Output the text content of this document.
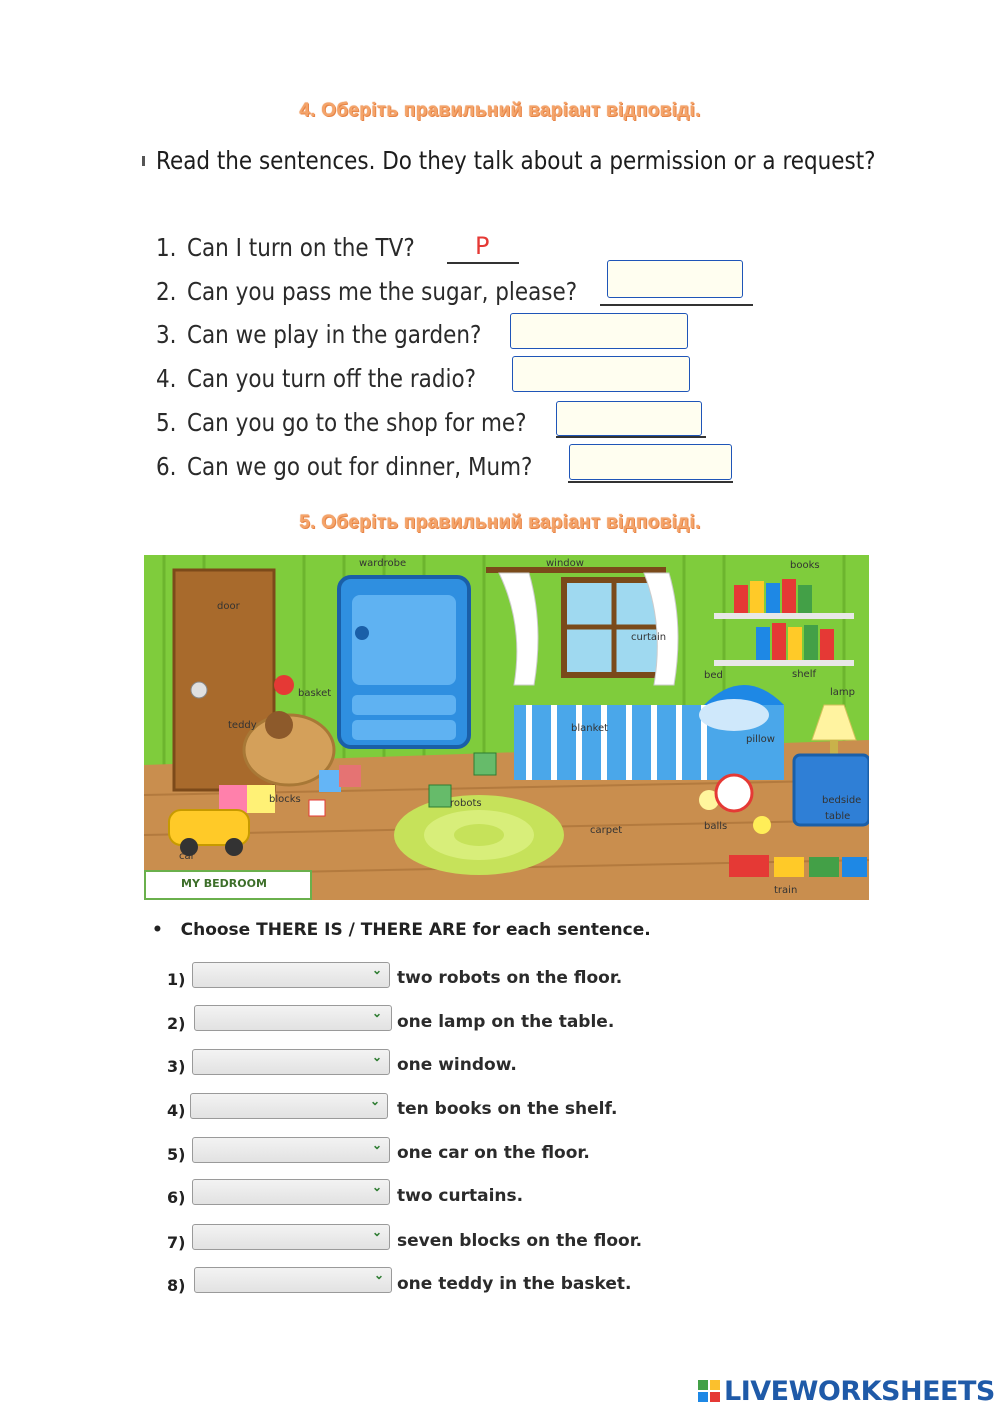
4. Оберіть правильний варіант відповіді.
Read the sentences. Do they talk about a permission or a request?
1. Can I turn on the TV?	P
2. Can you pass me the sugar, please?
3. Can we play in the garden?
4. Can you turn off the radio?
5. Can you go to the shop for me?
6. Can we go out for dinner, Mum?
5. Оберіть правильний варіант відповіді.
wardrobe	window	books
door
curtain
bed	shelf
lamp
basket
teddy	blanket
pillow
robots
blocks	bedside
table
balls
carpet
car
train
MY BEDROOM
•   Choose THERE IS / THERE ARE for each sentence.
1)	⌄ two robots on the floor.
2)
⌄ one lamp on the table.
3)	⌄ one window.
4)	⌄ ten books on the shelf.
5)	⌄ one car on the floor.
6)
⌄ two curtains.
7)
⌄ seven blocks on the floor.
8)
⌄ one teddy in the basket.
LIVEWORKSHEETS
